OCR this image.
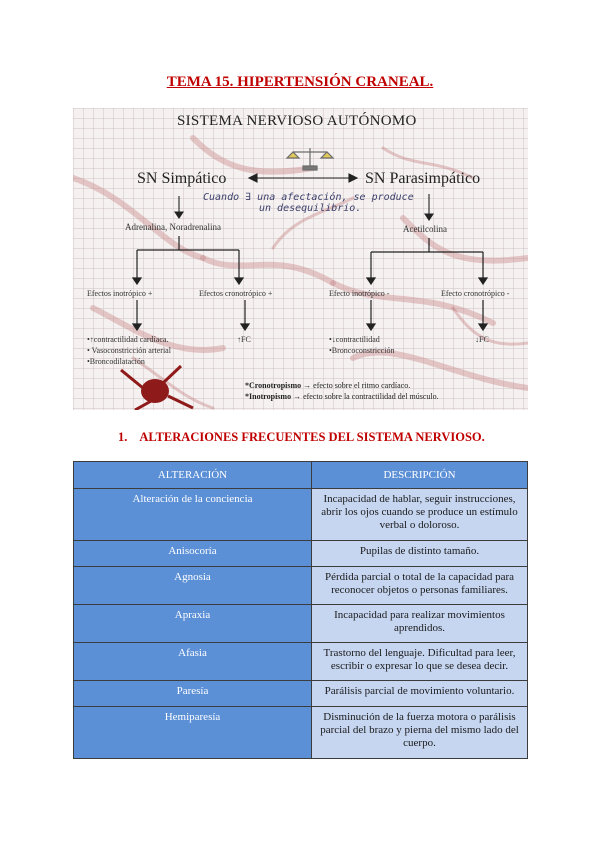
TEMA 15. HIPERTENSIÓN CRANEAL.
SISTEMA NERVIOSO AUTÓNOMO
SN Simpático	SN Parasimpático
Cuando ∃ una afectación, se produce
un desequilibrio.
Adrenalina, Noradrenalina	Acetilcolina
Efectos inotrópico +	Efectos cronotrópico +	Efecto inotrópico -	Efecto cronotrópico -
•↑contractilidad cardíaca.
• Vasoconstricción arterial
•Broncodilatación
↑FC	•↓contractilidad
•Broncoconstricción
↓FC
*Cronotropismo → efecto sobre el ritmo cardíaco.
*Inotropismo → efecto sobre la contractilidad del músculo.
1. ALTERACIONES FRECUENTES DEL SISTEMA NERVIOSO.
ALTERACIÓN	DESCRIPCIÓN
Alteración de la conciencia	Incapacidad de hablar, seguir instrucciones, abrir los ojos cuando se produce un estímulo verbal o doloroso.
Anisocoría	Pupilas de distinto tamaño.
Agnosia	Pérdida parcial o total de la capacidad para reconocer objetos o personas familiares.
Apraxia	Incapacidad para realizar movimientos aprendidos.
Afasia	Trastorno del lenguaje. Dificultad para leer, escribir o expresar lo que se desea decir.
Paresía	Parálisis parcial de movimiento voluntario.
Hemiparesía	Disminución de la fuerza motora o parálisis parcial del brazo y pierna del mismo lado del cuerpo.
